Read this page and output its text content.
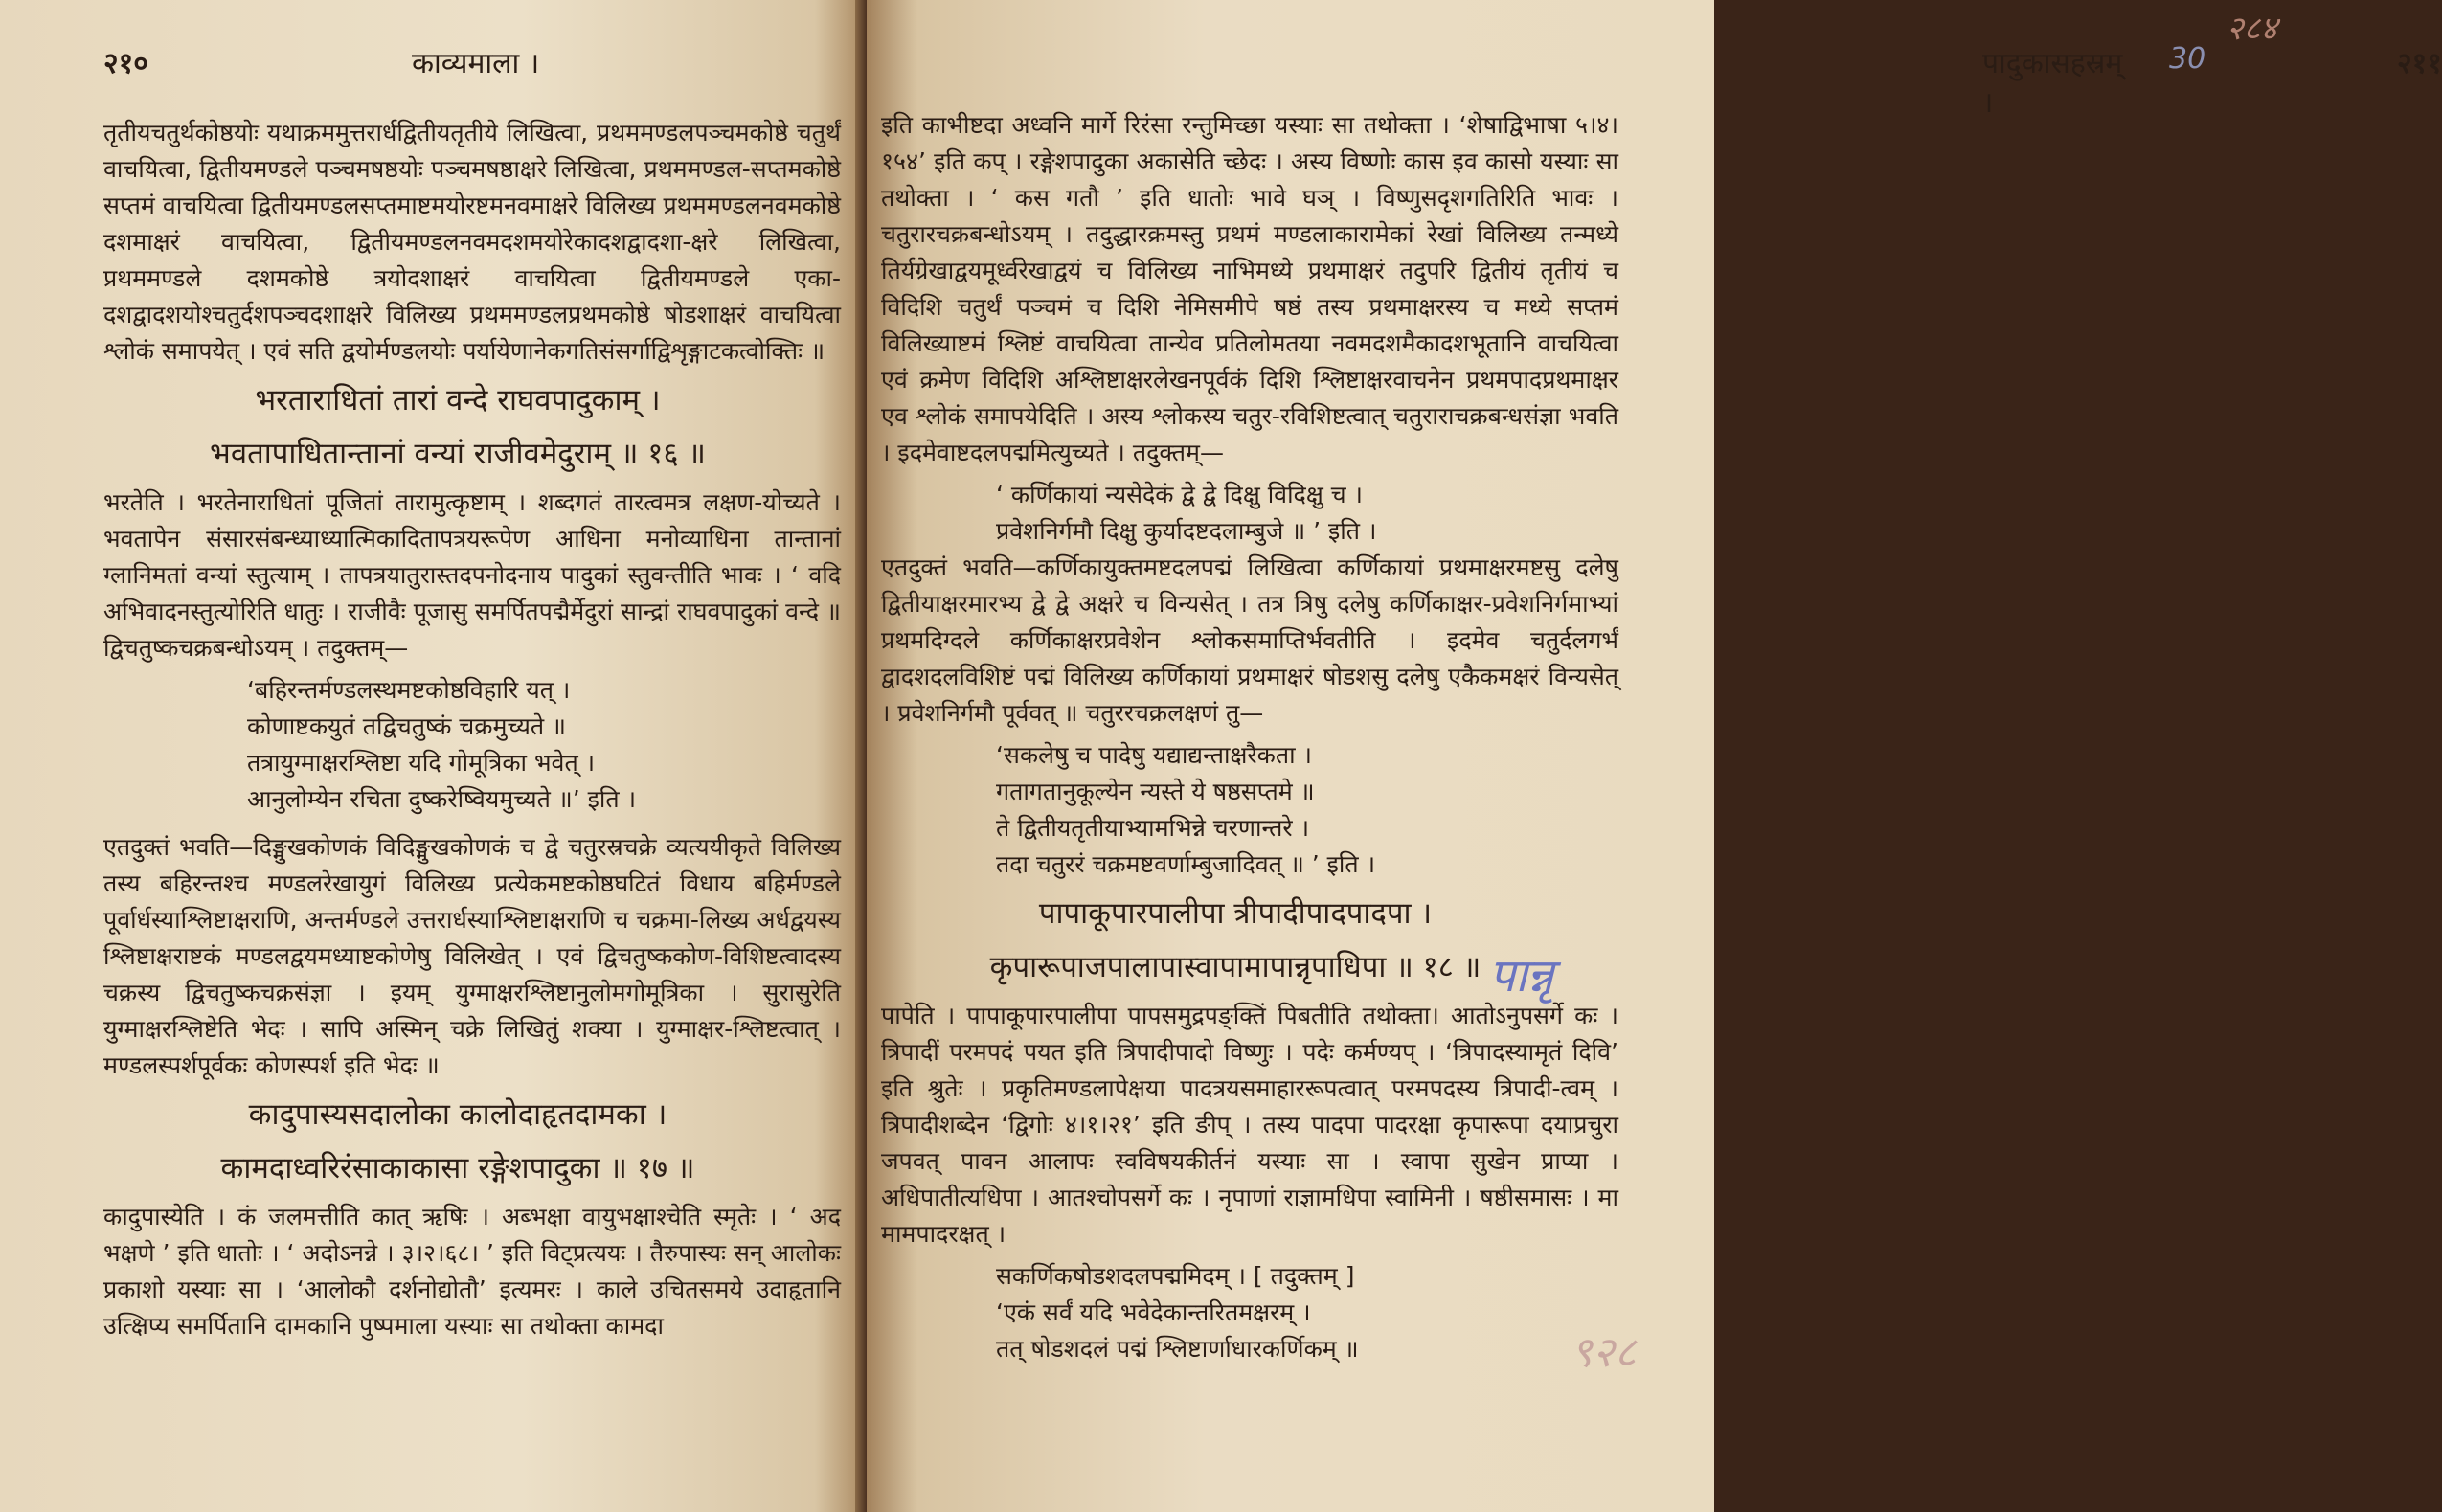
२१०	काव्यमाला ।

तृतीयचतुर्थकोष्ठयोः यथाक्रममुत्तरार्धद्वितीयतृतीये लिखित्वा, प्रथममण्डलपञ्चमकोष्ठे चतुर्थं वाचयित्वा, द्वितीयमण्डले पञ्चमषष्ठयोः पञ्चमषष्ठाक्षरे लिखित्वा, प्रथममण्डल-सप्तमकोष्ठे सप्तमं वाचयित्वा द्वितीयमण्डलसप्तमाष्टमयोरष्टमनवमाक्षरे विलिख्य प्रथममण्डलनवमकोष्ठे दशमाक्षरं वाचयित्वा, द्वितीयमण्डलनवमदशमयोरेकादशद्वादशा-क्षरे लिखित्वा, प्रथममण्डले दशमकोष्ठे त्रयोदशाक्षरं वाचयित्वा द्वितीयमण्डले एका-दशद्वादशयोश्चतुर्दशपञ्चदशाक्षरे विलिख्य प्रथममण्डलप्रथमकोष्ठे षोडशाक्षरं वाचयित्वा श्लोकं समापयेत् । एवं सति द्वयोर्मण्डलयोः पर्यायेणानेकगतिसंसर्गाद्विशृङ्गाटकत्वोक्तिः ॥

भरताराधितां तारां वन्दे राघवपादुकाम् ।
भवतापाधितान्तानां वन्यां राजीवमेदुराम् ॥ १६ ॥

भरतेति । भरतेनाराधितां पूजितां तारामुत्कृष्टाम् । शब्दगतं तारत्वमत्र लक्षण-योच्यते । भवतापेन संसारसंबन्ध्याध्यात्मिकादितापत्रयरूपेण आधिना मनोव्याधिना तान्तानां ग्लानिमतां वन्यां स्तुत्याम् । तापत्रयातुरास्तदपनोदनाय पादुकां स्तुवन्तीति भावः । ‘ वदि अभिवादनस्तुत्योरिति धातुः । राजीवैः पूजासु समर्पितपद्मैर्मेदुरां सान्द्रां राघवपादुकां वन्दे ॥ द्विचतुष्कचक्रबन्धोऽयम् । तदुक्तम्—

‘बहिरन्तर्मण्डलस्थमष्टकोष्ठविहारि यत् ।

कोणाष्टकयुतं तद्विचतुष्कं चक्रमुच्यते ॥

तत्रायुग्माक्षरश्लिष्टा यदि गोमूत्रिका भवेत् ।

आनुलोम्येन रचिता दुष्करेष्वियमुच्यते ॥’ इति ।

एतदुक्तं भवति—दिङ्मुखकोणकं विदिङ्मुखकोणकं च द्वे चतुरस्रचक्रे व्यत्ययीकृते विलिख्य तस्य बहिरन्तश्च मण्डलरेखायुगं विलिख्य प्रत्येकमष्टकोष्ठघटितं विधाय बहिर्मण्डले पूर्वार्धस्याश्लिष्टाक्षराणि, अन्तर्मण्डले उत्तरार्धस्याश्लिष्टाक्षराणि च चक्रमा-लिख्य अर्धद्वयस्य श्लिष्टाक्षराष्टकं मण्डलद्वयमध्याष्टकोणेषु विलिखेत् । एवं द्विचतुष्ककोण-विशिष्टत्वादस्य चक्रस्य द्विचतुष्कचक्रसंज्ञा । इयम् युग्माक्षरश्लिष्टानुलोमगोमूत्रिका । सुरासुरेति युग्माक्षरश्लिष्टेति भेदः । सापि अस्मिन् चक्रे लिखितुं शक्या । युग्माक्षर-श्लिष्टत्वात् । मण्डलस्पर्शपूर्वकः कोणस्पर्श इति भेदः ॥

कादुपास्यसदालोका कालोदाहृतदामका ।
कामदाध्वरिरंसाकाकासा रङ्गेशपादुका ॥ १७ ॥

कादुपास्येति । कं जलमत्तीति कात् ऋषिः । अब्भक्षा वायुभक्षाश्चेति स्मृतेः । ‘ अद भक्षणे ’ इति धातोः । ‘ अदोऽनन्ने । ३।२।६८। ’ इति विट्प्रत्ययः । तैरुपास्यः सन् आलोकः प्रकाशो यस्याः सा । ‘आलोकौ दर्शनोद्योतौ’ इत्यमरः । काले उचितसमये उदाहृतानि उत्क्षिप्य समर्पितानि दामकानि पुष्पमाला यस्याः सा तथोक्ता कामदा

२८४
पादुकासहस्रम् ।
30	२११

इति काभीष्टदा अध्वनि मार्गे रिरंसा रन्तुमिच्छा यस्याः सा तथोक्ता । ‘शेषाद्विभाषा ५।४।१५४’ इति कप् । रङ्गेशपादुका अकासेति च्छेदः । अस्य विष्णोः कास इव कासो यस्याः सा तथोक्ता । ‘ कस गतौ ’ इति धातोः भावे घञ् । विष्णुसदृशगतिरिति भावः । चतुरारचक्रबन्धोऽयम् । तदुद्धारक्रमस्तु प्रथमं मण्डलाकारामेकां रेखां विलिख्य तन्मध्ये तिर्यग्रेखाद्वयमूर्ध्वरेखाद्वयं च विलिख्य नाभिमध्ये प्रथमाक्षरं तदुपरि द्वितीयं तृतीयं च विदिशि चतुर्थं पञ्चमं च दिशि नेमिसमीपे षष्ठं तस्य प्रथमाक्षरस्य च मध्ये सप्तमं विलिख्याष्टमं श्लिष्टं वाचयित्वा तान्येव प्रतिलोमतया नवमदशमैकादशभूतानि वाचयित्वा एवं क्रमेण विदिशि अश्लिष्टाक्षरलेखनपूर्वकं दिशि श्लिष्टाक्षरवाचनेन प्रथमपादप्रथमाक्षर एव श्लोकं समापयेदिति । अस्य श्लोकस्य चतुर-रविशिष्टत्वात् चतुराराचक्रबन्धसंज्ञा भवति । इदमेवाष्टदलपद्ममित्युच्यते । तदुक्तम्—

‘ कर्णिकायां न्यसेदेकं द्वे द्वे दिक्षु विदिक्षु च ।

प्रवेशनिर्गमौ दिक्षु कुर्यादष्टदलाम्बुजे ॥ ’ इति ।

एतदुक्तं भवति—कर्णिकायुक्तमष्टदलपद्मं लिखित्वा कर्णिकायां प्रथमाक्षरमष्टसु दलेषु द्वितीयाक्षरमारभ्य द्वे द्वे अक्षरे च विन्यसेत् । तत्र त्रिषु दलेषु कर्णिकाक्षर-प्रवेशनिर्गमाभ्यां प्रथमदिग्दले कर्णिकाक्षरप्रवेशेन श्लोकसमाप्तिर्भवतीति । इदमेव चतुर्दलगर्भं द्वादशदलविशिष्टं पद्मं विलिख्य कर्णिकायां प्रथमाक्षरं षोडशसु दलेषु एकैकमक्षरं विन्यसेत् । प्रवेशनिर्गमौ पूर्ववत् ॥ चतुररचक्रलक्षणं तु—

‘सकलेषु च पादेषु यद्याद्यन्ताक्षरैकता ।

गतागतानुकूल्येन न्यस्ते ये षष्ठसप्तमे ॥

ते द्वितीयतृतीयाभ्यामभिन्ने चरणान्तरे ।

तदा चतुररं चक्रमष्टवर्णाम्बुजादिवत् ॥ ’ इति ।

पापाकूपारपालीपा त्रीपादीपादपादपा ।
कृपारूपाजपालापास्वापामापान्नृपाधिपा ॥ १८ ॥

पापेति । पापाकूपारपालीपा पापसमुद्रपङ्क्तिं पिबतीति तथोक्ता। आतोऽनुपसर्गे कः । त्रिपादीं परमपदं पयत इति त्रिपादीपादो विष्णुः । पदेः कर्मण्यप् । ‘त्रिपादस्यामृतं दिवि’ इति श्रुतेः । प्रकृतिमण्डलापेक्षया पादत्रयसमाहाररूपत्वात् परमपदस्य त्रिपादी-त्वम् । त्रिपादीशब्देन ‘द्विगोः ४।१।२१’ इति ङीप् । तस्य पादपा पादरक्षा कृपारूपा दयाप्रचुरा जपवत् पावन आलापः स्वविषयकीर्तनं यस्याः सा । स्वापा सुखेन प्राप्या । अधिपातीत्यधिपा । आतश्चोपसर्गे कः । नृपाणां राज्ञामधिपा स्वामिनी । षष्ठीसमासः । मा मामपादरक्षत् ।

सकर्णिकषोडशदलपद्ममिदम् । [ तदुक्तम् ]

‘एकं सर्वं यदि भवेदेकान्तरितमक्षरम् ।

तत् षोडशदलं पद्मं श्लिष्टार्णाधारकर्णिकम् ॥

पान्नृ
९२८
